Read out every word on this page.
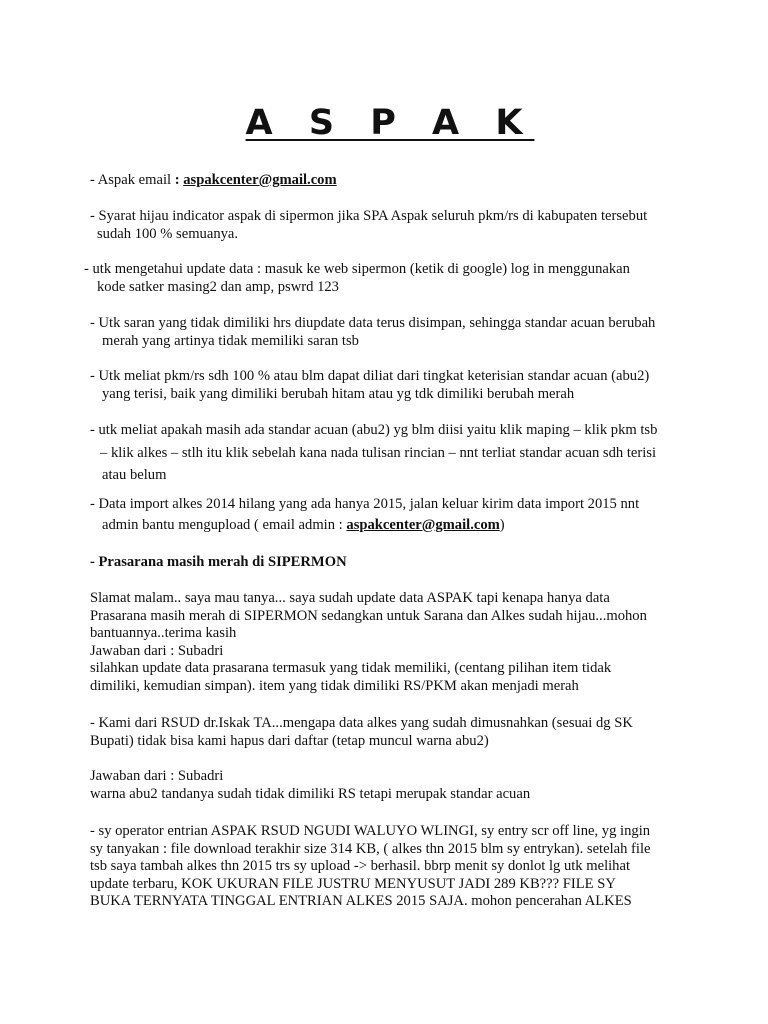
A S P A K
- Aspak email : aspakcenter@gmail.com
- Syarat hijau indicator aspak di sipermon jika SPA Aspak seluruh pkm/rs di kabupaten tersebut
sudah 100 % semuanya.
- utk mengetahui update data : masuk ke web sipermon (ketik di google) log in menggunakan
kode satker masing2 dan amp, pswrd 123
- Utk saran yang tidak dimiliki hrs diupdate data terus disimpan, sehingga standar acuan berubah
merah yang artinya tidak memiliki saran tsb
- Utk meliat pkm/rs sdh 100 % atau blm dapat diliat dari tingkat keterisian standar acuan (abu2)
yang terisi, baik yang dimiliki berubah hitam atau yg tdk dimiliki berubah merah
- utk meliat apakah masih ada standar acuan (abu2) yg blm diisi yaitu klik maping – klik pkm tsb
– klik alkes – stlh itu klik sebelah kana nada tulisan rincian – nnt terliat standar acuan sdh terisi
atau belum
- Data import alkes 2014 hilang yang ada hanya 2015, jalan keluar kirim data import 2015 nnt
admin bantu mengupload ( email admin : aspakcenter@gmail.com)
- Prasarana masih merah di SIPERMON
Slamat malam.. saya mau tanya... saya sudah update data ASPAK tapi kenapa hanya data
Prasarana masih merah di SIPERMON sedangkan untuk Sarana dan Alkes sudah hijau...mohon
bantuannya..terima kasih
Jawaban dari : Subadri
silahkan update data prasarana termasuk yang tidak memiliki, (centang pilihan item tidak
dimiliki, kemudian simpan). item yang tidak dimiliki RS/PKM akan menjadi merah
- Kami dari RSUD dr.Iskak TA...mengapa data alkes yang sudah dimusnahkan (sesuai dg SK
Bupati) tidak bisa kami hapus dari daftar (tetap muncul warna abu2)
Jawaban dari : Subadri
warna abu2 tandanya sudah tidak dimiliki RS tetapi merupak standar acuan
- sy operator entrian ASPAK RSUD NGUDI WALUYO WLINGI, sy entry scr off line, yg ingin
sy tanyakan : file download terakhir size 314 KB, ( alkes thn 2015 blm sy entrykan). setelah file
tsb saya tambah alkes thn 2015 trs sy upload -> berhasil. bbrp menit sy donlot lg utk melihat
update terbaru, KOK UKURAN FILE JUSTRU MENYUSUT JADI 289 KB??? FILE SY
BUKA TERNYATA TINGGAL ENTRIAN ALKES 2015 SAJA. mohon pencerahan ALKES
